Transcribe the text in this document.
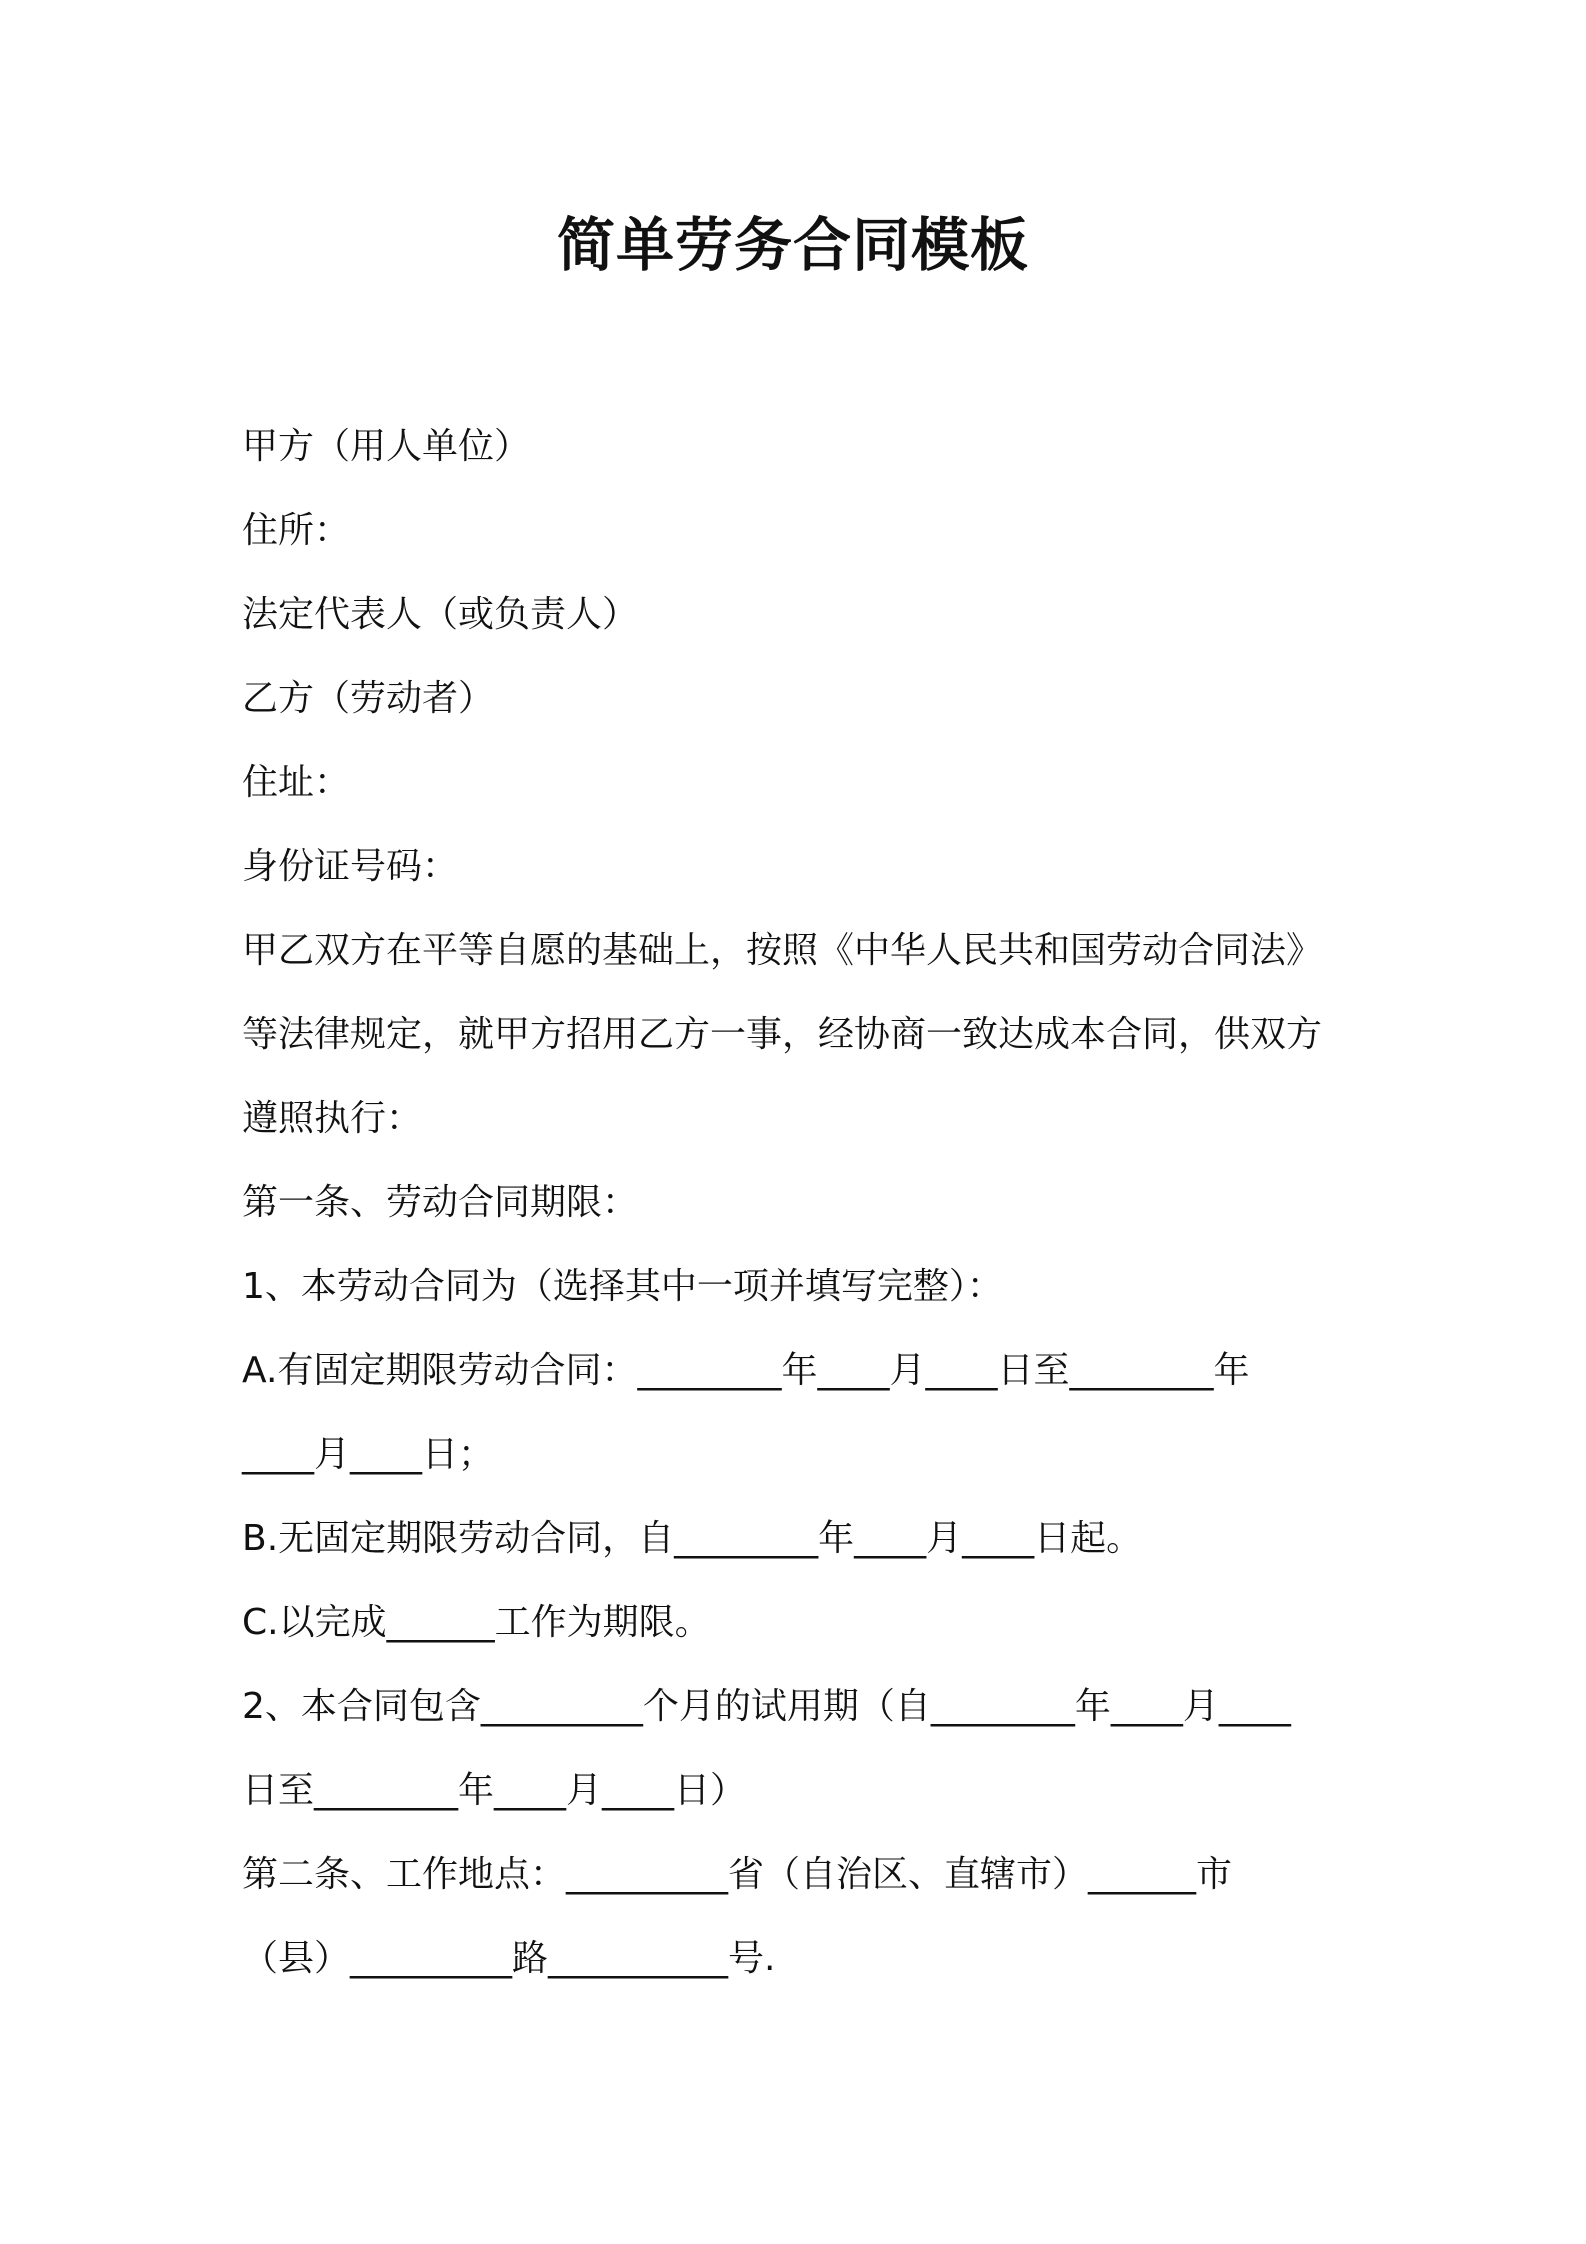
简单劳务合同模板
甲方（用人单位）
住所：
法定代表人（或负责人）
乙方（劳动者）
住址：
身份证号码：
甲乙双方在平等自愿的基础上，按照《中华人民共和国劳动合同法》
等法律规定，就甲方招用乙方一事，经协商一致达成本合同，供双方
遵照执行：
第一条、劳动合同期限：
1、本劳动合同为（选择其中一项并填写完整）：
A.有固定期限劳动合同：________年____月____日至________年
____月____日；
B.无固定期限劳动合同，自________年____月____日起。
C.以完成______工作为期限。
2、本合同包含_________个月的试用期（自________年____月____
日至________年____月____日）
第二条、工作地点：_________省（自治区、直辖市）______市
（县）_________路__________号.
